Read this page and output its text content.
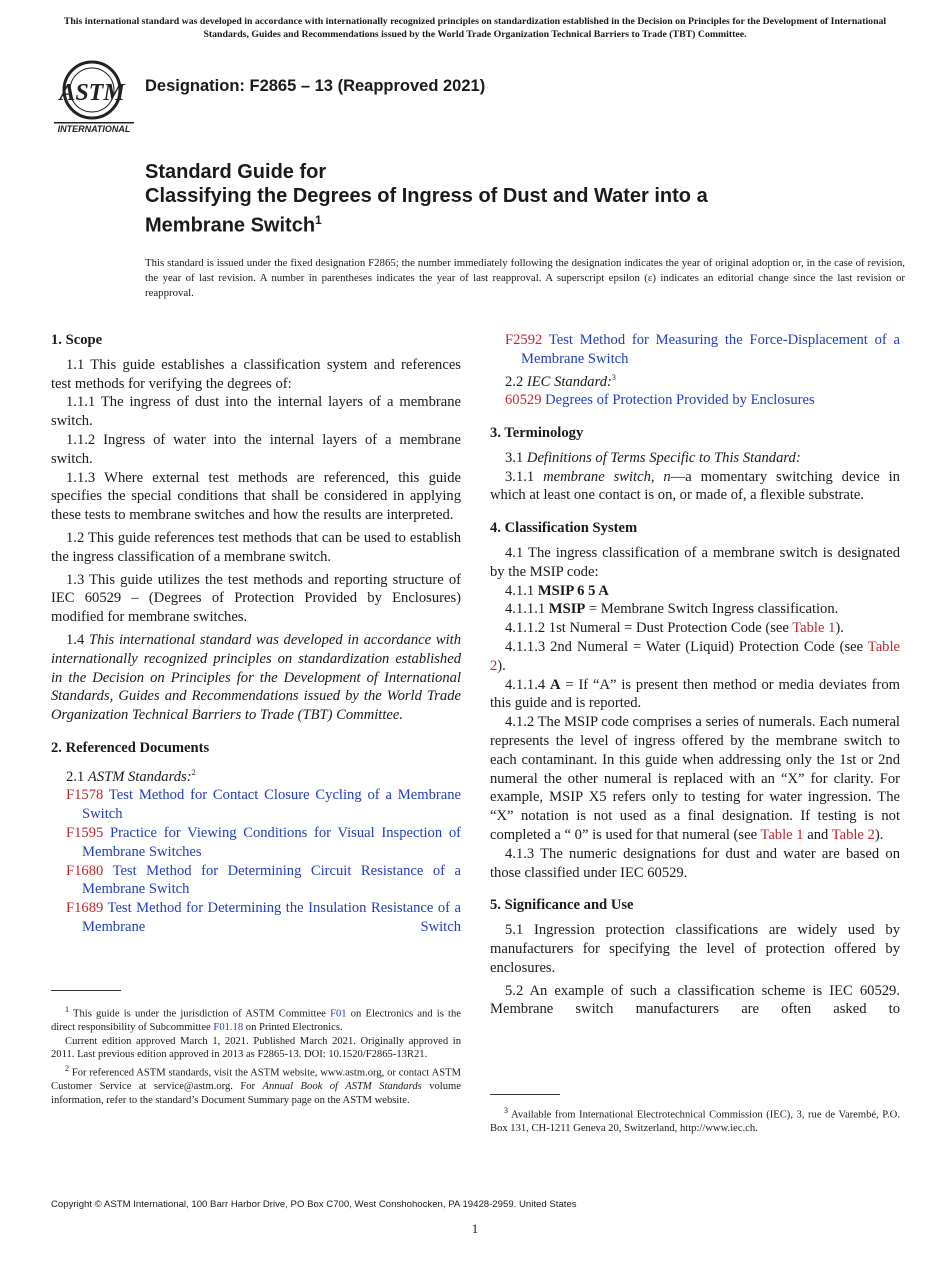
This international standard was developed in accordance with internationally recognized principles on standardization established in the Decision on Principles for the Development of International Standards, Guides and Recommendations issued by the World Trade Organization Technical Barriers to Trade (TBT) Committee.
ASTM
INTERNATIONAL
Designation: F2865 – 13 (Reapproved 2021)
Standard Guide for
Classifying the Degrees of Ingress of Dust and Water into a
Membrane Switch$^1$
This standard is issued under the fixed designation F2865; the number immediately following the designation indicates the year of original adoption or, in the case of revision, the year of last revision. A number in parentheses indicates the year of last reapproval. A superscript epsilon (ε) indicates an editorial change since the last revision or reapproval.
1. Scope

1.1 This guide establishes a classification system and references test methods for verifying the degrees of:

1.1.1 The ingress of dust into the internal layers of a membrane switch.

1.1.2 Ingress of water into the internal layers of a membrane switch.

1.1.3 Where external test methods are referenced, this guide specifies the special conditions that shall be considered in applying these tests to membrane switches and how the results are interpreted.

1.2 This guide references test methods that can be used to establish the ingress classification of a membrane switch.

1.3 This guide utilizes the test methods and reporting structure of IEC 60529 – (Degrees of Protection Provided by Enclosures) modified for membrane switches.

1.4 This international standard was developed in accordance with internationally recognized principles on standardization established in the Decision on Principles for the Development of International Standards, Guides and Recommendations issued by the World Trade Organization Technical Barriers to Trade (TBT) Committee.

2. Referenced Documents

2.1 ASTM Standards:$^2$

F1578 Test Method for Contact Closure Cycling of a Membrane Switch

F1595 Practice for Viewing Conditions for Visual Inspection of Membrane Switches

F1680 Test Method for Determining Circuit Resistance of a Membrane Switch

F1689 Test Method for Determining the Insulation Resistance of a Membrane Switch

F2592 Test Method for Measuring the Force-Displacement of a Membrane Switch

2.2 IEC Standard:$^3$

60529 Degrees of Protection Provided by Enclosures

3. Terminology

3.1 Definitions of Terms Specific to This Standard:

3.1.1 membrane switch, n—a momentary switching device in which at least one contact is on, or made of, a flexible substrate.

4. Classification System

4.1 The ingress classification of a membrane switch is designated by the MSIP code:

4.1.1 MSIP 6 5 A

4.1.1.1 MSIP = Membrane Switch Ingress classification.

4.1.1.2 1st Numeral = Dust Protection Code (see Table 1).

4.1.1.3 2nd Numeral = Water (Liquid) Protection Code (see Table 2).

4.1.1.4 A = If “A” is present then method or media deviates from this guide and is reported.

4.1.2 The MSIP code comprises a series of numerals. Each numeral represents the level of ingress offered by the membrane switch to each contaminant. In this guide when addressing only the 1st or 2nd numeral the other numeral is replaced with an “X” for clarity. For example, MSIP X5 refers only to testing for water ingression. The “X” notation is not used as a final designation. If testing is not completed a “ 0” is used for that numeral (see Table 1 and Table 2).

4.1.3 The numeric designations for dust and water are based on those classified under IEC 60529.

5. Significance and Use

5.1 Ingression protection classifications are widely used by manufacturers for specifying the level of protection offered by enclosures.

5.2 An example of such a classification scheme is IEC 60529. Membrane switch manufacturers are often asked to

$^1$ This guide is under the jurisdiction of ASTM Committee F01 on Electronics and is the direct responsibility of Subcommittee F01.18 on Printed Electronics.

Current edition approved March 1, 2021. Published March 2021. Originally approved in 2011. Last previous edition approved in 2013 as F2865-13. DOI: 10.1520/F2865-13R21.

$^2$ For referenced ASTM standards, visit the ASTM website, www.astm.org, or contact ASTM Customer Service at service@astm.org. For Annual Book of ASTM Standards volume information, refer to the standard’s Document Summary page on the ASTM website.

$^3$ Available from International Electrotechnical Commission (IEC), 3, rue de Varembé, P.O. Box 131, CH-1211 Geneva 20, Switzerland, http://www.iec.ch.

Copyright © ASTM International, 100 Barr Harbor Drive, PO Box C700, West Conshohocken, PA 19428-2959. United States
1
